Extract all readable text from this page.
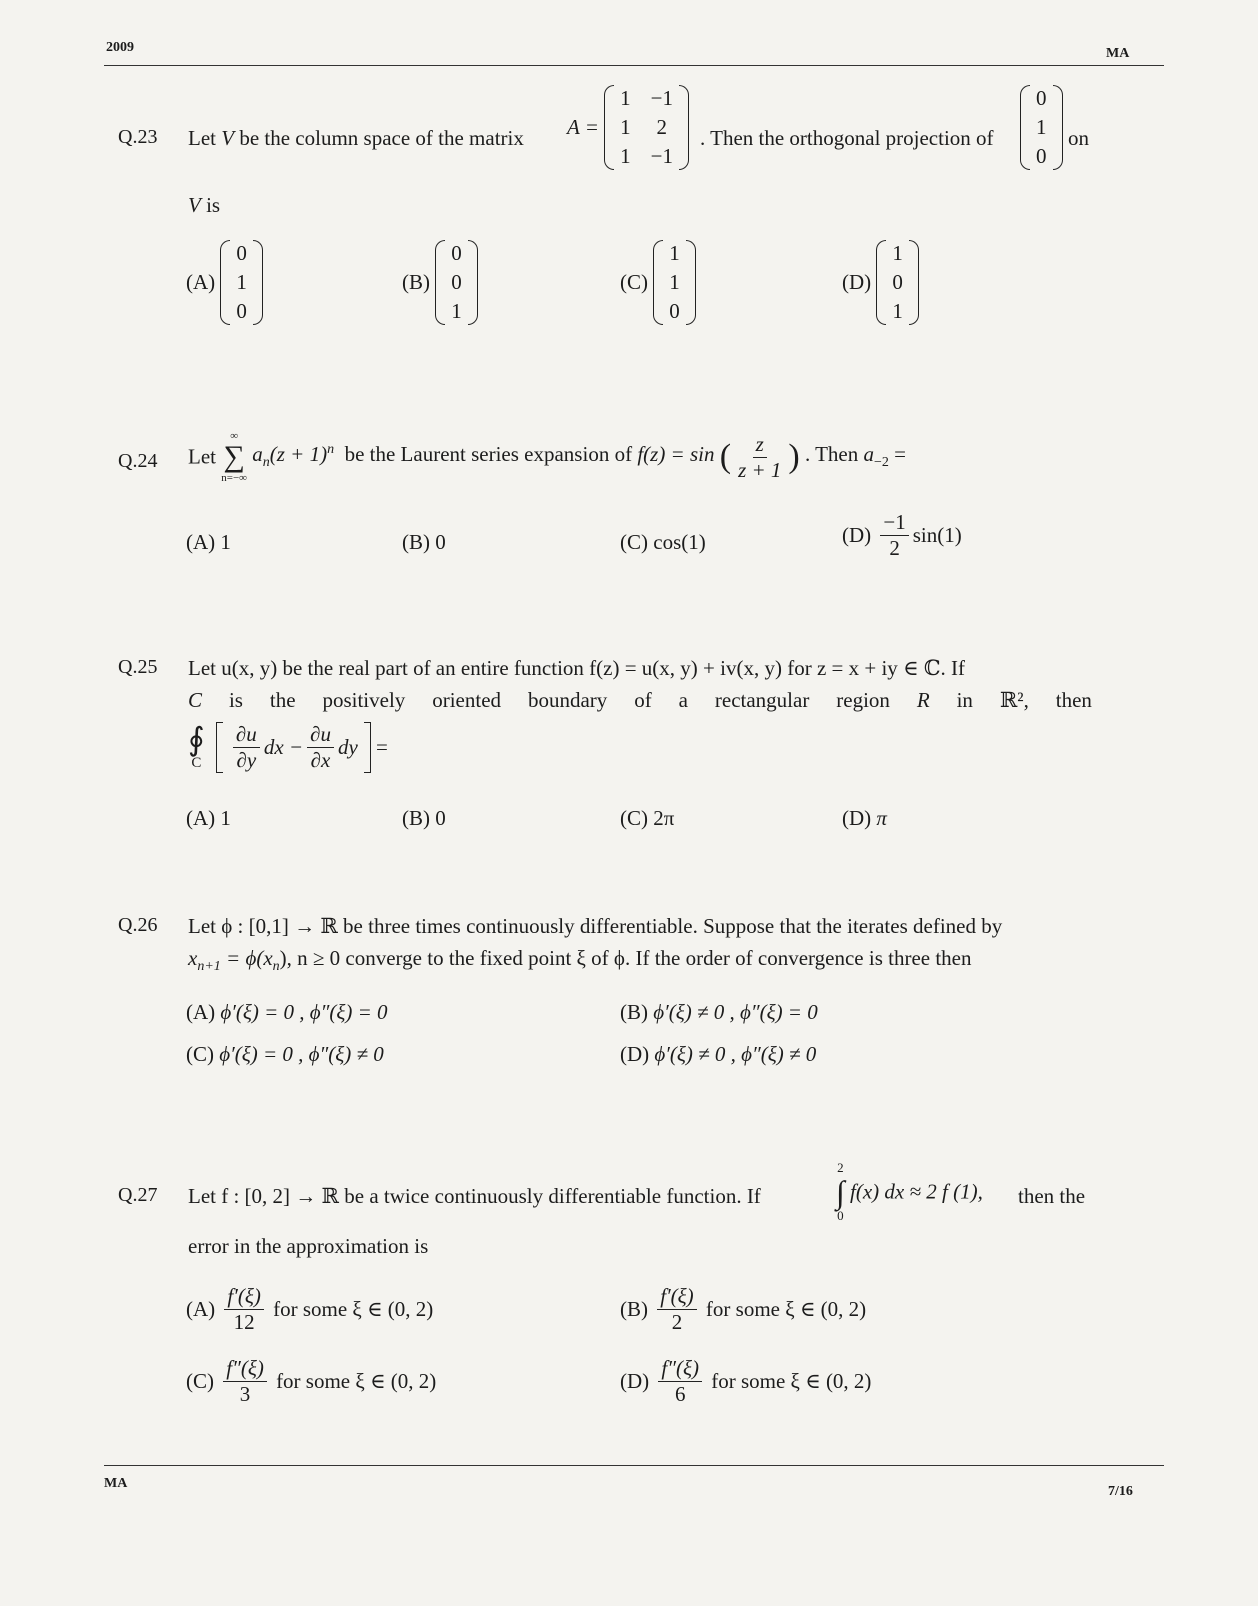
2009	MA
Q.23 Let V be the column space of the matrix A =
1 −1
1 2
1 −1
. Then the orthogonal projection of
0
1
0
on
V is
(A)
0
1
0
(B)
0
0
1
(C)
1
1
0
(D)
1
0
1
Q.24 Let
∞
∑
n=−∞
$a_n(z + 1)^n$ be the Laurent series expansion of f(z) = sin ( $\frac{z}{z + 1}$ ) . Then $a_{-2}$ =
(A) 1	(B) 0	(C) cos(1)	$(D) \frac{-1}{2} \sin(1)$
Q.25 Let u(x, y) be the real part of an entire function f(z) = u(x, y) + iv(x, y) for z = x + iy ∈ ℂ. If
C is the positively oriented boundary of a rectangular region R in ℝ², then
∮
C
$\frac{\partial u}{\partial y}$ dx − $\frac{\partial u}{\partial x}$ dy =
(A) 1	(B) 0	(C) 2π	(D) π
Q.26 Let ϕ : [0,1] → ℝ be three times continuously differentiable. Suppose that the iterates defined by
$x_{n+1} = \phi(x_n)$, n ≥ 0 converge to the fixed point ξ of ϕ. If the order of convergence is three then
(A) ϕ′(ξ) = 0 , ϕ″(ξ) = 0	(B) ϕ′(ξ) ≠ 0 , ϕ″(ξ) = 0
(C) ϕ′(ξ) = 0 , ϕ″(ξ) ≠ 0	(D) ϕ′(ξ) ≠ 0 , ϕ″(ξ) ≠ 0
Q.27 Let f : [0, 2] → ℝ be a twice continuously differentiable function. If
2
∫
0
f(x) dx ≈ 2 f (1), then the
error in the approximation is
$(A) \frac{f'(\xi)}{12}$ for some ξ ∈ (0, 2)	$(B) \frac{f'(\xi)}{2}$ for some ξ ∈ (0, 2)
$(C) \frac{f''(\xi)}{3}$ for some ξ ∈ (0, 2)	$(D) \frac{f''(\xi)}{6}$ for some ξ ∈ (0, 2)
MA
7/16
